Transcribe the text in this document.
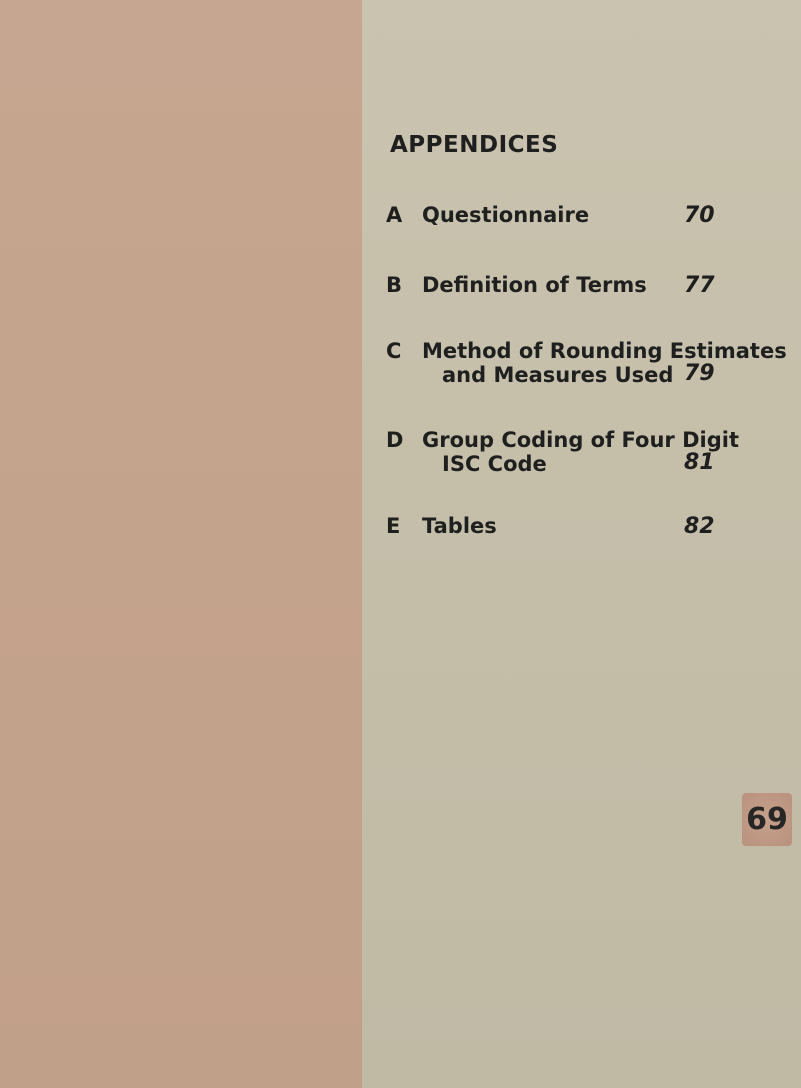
APPENDICES
A Questionnaire	70
B Definition of Terms 77
C Method of Rounding Estimates
and Measures Used 79
D Group Coding of Four Digit
ISC Code	81
E Tables	82
69
